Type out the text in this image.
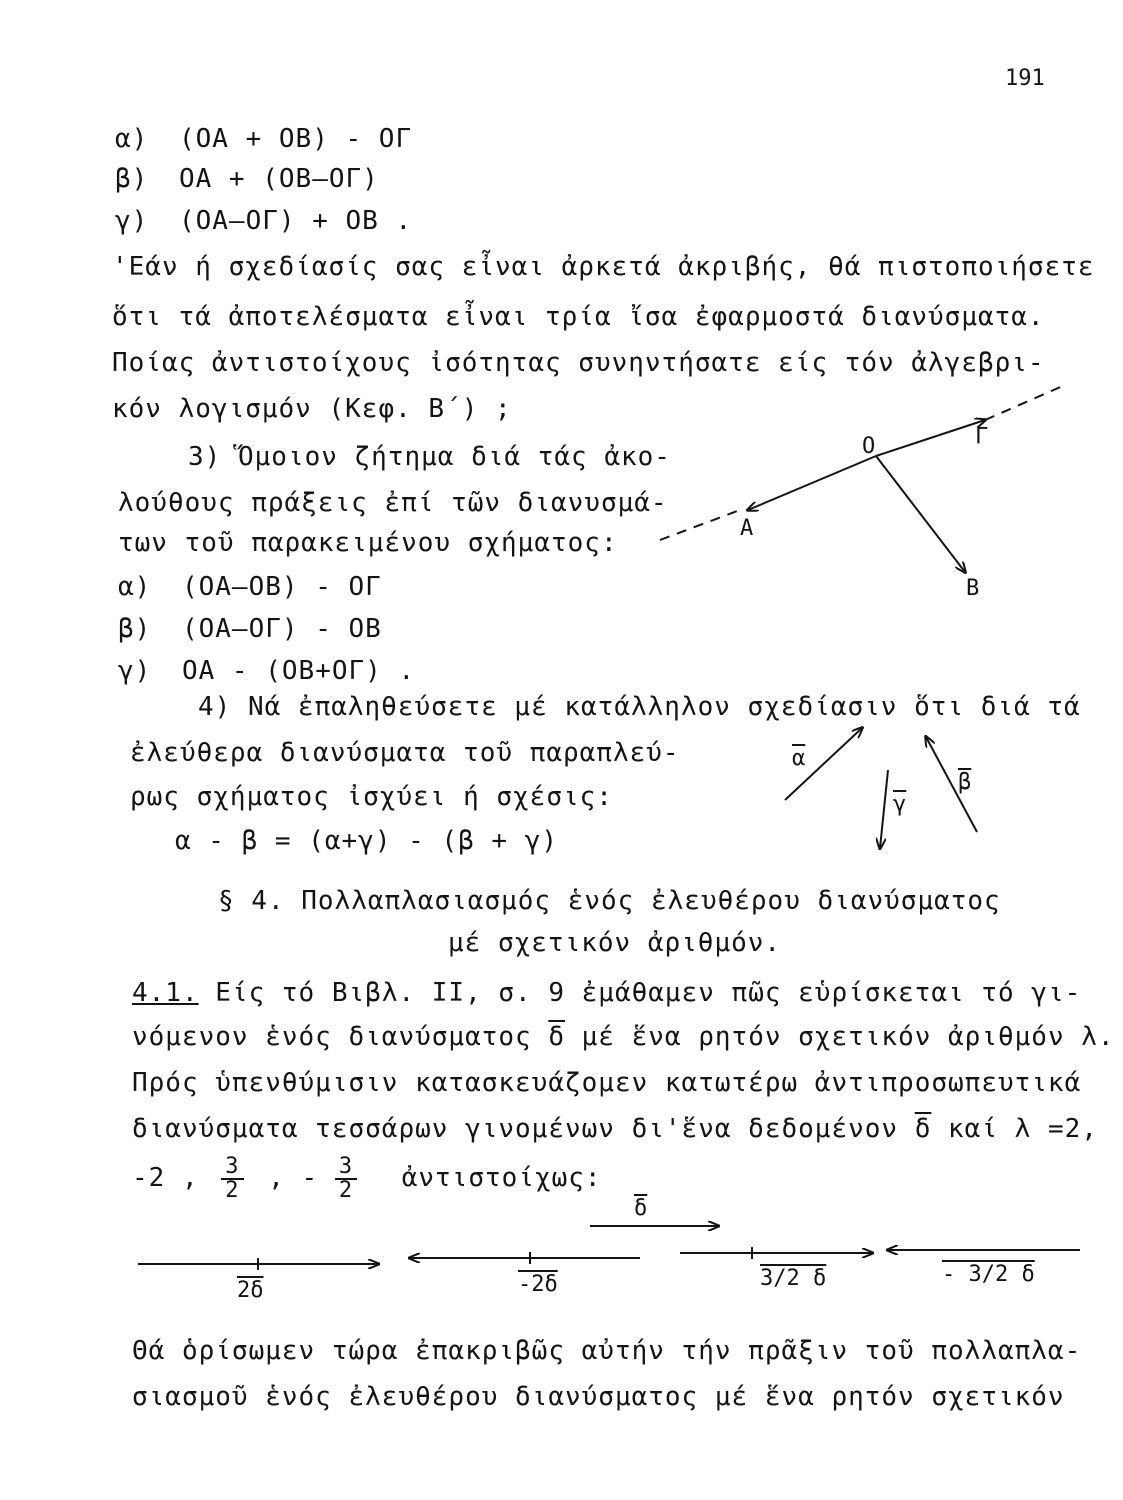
191
α) (OA + OB) - OΓ
β) OA + (OB–OΓ)
γ) (OA–OΓ) + OB .
'Εάν ή σχεδίασίς σας εἶναι ἀρκετά ἀκριβής, θά πιστοποιήσετε
ὅτι τά ἀποτελέσματα εἶναι τρία ἴσα ἐφαρμοστά διανύσματα.
Ποίας ἀντιστοίχους ἰσότητας συνηντήσατε είς τόν ἀλγεβρι-
κόν λογισμόν (Κεφ. Β΄) ;
3) Ὅμοιον ζήτημα διά τάς ἀκο-
λούθους πράξεις ἐπί τῶν διανυσμά-
των τοῦ παρακειμένου σχήματος:
α) (OA–OB) - OΓ
β) (OA–OΓ) - OB
γ) OA - (OB+OΓ) .
O
A
B
Γ
4) Νά ἐπαληθεύσετε μέ κατάλληλον σχεδίασιν ὅτι διά τά
ἐλεύθερα διανύσματα τοῦ παραπλεύ-
ρως σχήματος ἰσχύει ή σχέσις:
α - β = (α+γ) - (β + γ)
$\overline{\alpha}$
$\overline{\gamma}$
$\overline{\beta}$
§ 4. Πολλαπλασιασμός ἑνός ἐλευθέρου διανύσματος
μέ σχετικόν ἀριθμόν.
4.1. Είς τό Βιβλ. ΙΙ, σ. 9 ἐμάθαμεν πῶς εὑρίσκεται τό γι-
νόμενον ἑνός διανύσματος $\overline{\delta}$ μέ ἕνα ρητόν σχετικόν ἀριθμόν λ.
Πρός ὑπενθύμισιν κατασκευάζομεν κατωτέρω ἀντιπροσωπευτικά
διανύσματα τεσσάρων γινομένων δι'ἕνα δεδομένον $\overline{\delta}$ καί λ =2,
-2 , $\frac{3}{2}$ , - $\frac{3}{2}$ ἀντιστοίχως:
$\overline{\delta}$
2δ	-2δ	3/2 δ	- 3/2 δ
Θά ὁρίσωμεν τώρα ἐπακριβῶς αὐτήν τήν πρᾶξιν τοῦ πολλαπλα-
σιασμοῦ ἑνός ἐλευθέρου διανύσματος μέ ἕνα ρητόν σχετικόν
